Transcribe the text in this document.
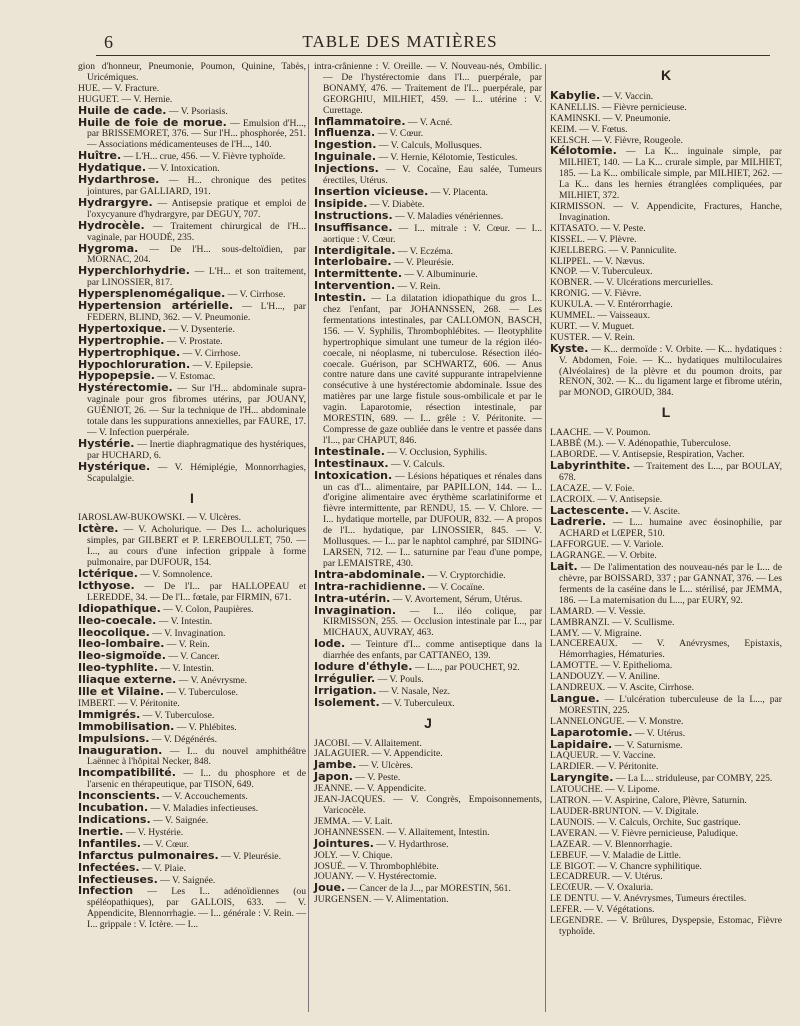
6	TABLE DES MATIÈRES

gion d'honneur, Pneumonie, Poumon, Quinine, Tabès, Uricémiques.

HUE. — V. Fracture.

HUGUET. — V. Hernie.

Huile de cade. — V. Psoriasis.

Huile de foie de morue. — Emulsion d'H..., par BRISSEMORET, 376. — Sur l'H... phosphorée, 251. — Associations médicamenteuses de l'H..., 140.

Huître. — L'H... crue, 456. — V. Fièvre typhoïde.

Hydatique. — V. Intoxication.

Hydarthrose. — H... chronique des petites jointures, par GALLIARD, 191.

Hydrargyre. — Antisepsie pratique et emploi de l'oxycyanure d'hydrargyre, par DEGUY, 707.

Hydrocèle. — Traitement chirurgical de l'H... vaginale, par HOUDÉ, 235.

Hygroma. — De l'H... sous-deltoïdien, par MORNAC, 204.

Hyperchlorhydrie. — L'H... et son traitement, par LINOSSIER, 817.

Hypersplenomégalique. — V. Cirrhose.

Hypertension artérielle. — L'H..., par FEDERN, BLIND, 362. — V. Pneumonie.

Hypertoxique. — V. Dysenterie.

Hypertrophie. — V. Prostate.

Hypertrophique. — V. Cirrhose.

Hypochloruration. — V. Epilepsie.

Hypopepsie. — V. Estomac.

Hystérectomie. — Sur l'H... abdominale supra-vaginale pour gros fibromes utérins, par JOUANY, GUÉNIOT, 26. — Sur la technique de l'H... abdominale totale dans les suppurations annexielles, par FAURE, 17. — V. Infection puerpérale.

Hystérie. — Inertie diaphragmatique des hystériques, par HUCHARD, 6.

Hystérique. — V. Hémiplégie, Monnorrhagies, Scapulalgie.

I

IAROSLAW-BUKOWSKI. — V. Ulcères.

Ictère. — V. Acholurique. — Des I... acholuriques simples, par GILBERT et P. LEREBOULLET, 750. — I..., au cours d'une infection grippale à forme pulmonaire, par DUFOUR, 154.

Ictérique. — V. Somnolence.

Icthyose. — De l'I... par HALLOPEAU et LEREDDE, 34. — De l'I... fœtale, par FIRMIN, 671.

Idiopathique. — V. Colon, Paupières.

Ileo-coecale. — V. Intestin.

Ileocolique. — V. Invagination.

Ileo-lombaire. — V. Rein.

Ileo-sigmoïde. — V. Cancer.

Ileo-typhlite. — V. Intestin.

Iliaque externe. — V. Anévrysme.

Ille et Vilaine. — V. Tuberculose.

IMBERT. — V. Péritonite.

Immigrés. — V. Tuberculose.

Immobilisation. — V. Phlébites.

Impulsions. — V. Dégénérés.

Inauguration. — I... du nouvel amphithéâtre Laënnec à l'hôpital Necker, 848.

Incompatibilité. — I... du phosphore et de l'arsenic en thérapeutique, par TISON, 649.

Inconscients. — V. Accouchements.

Incubation. — V. Maladies infectieuses.

Indications. — V. Saignée.

Inertie. — V. Hystérie.

Infantiles. — V. Cœur.

Infarctus pulmonaires. — V. Pleurésie.

Infectées. — V. Plaie.

Infectieuses. — V. Saignée.

Infection — Les I... adénoïdiennes (ou spéléopathiques), par GALLOIS, 633. — V. Appendicite, Blennorrhagie. — I... générale : V. Rein. — I... grippale : V. Ictère. — I...

intra-crânienne : V. Oreille. — V. Nouveau-nés, Ombilic. — De l'hystérectomie dans l'I... puerpérale, par BONAMY, 476. — Traitement de l'I... puerpérale, par GEORGHIU, MILHIET, 459. — I... utérine : V. Curettage.

Inflammatoire. — V. Acné.

Influenza. — V. Cœur.

Ingestion. — V. Calculs, Mollusques.

Inguinale. — V. Hernie, Kélotomie, Testicules.

Injections. — V. Cocaïne, Eau salée, Tumeurs érectiles, Utérus.

Insertion vicieuse. — V. Placenta.

Insipide. — V. Diabète.

Instructions. — V. Maladies vénériennes.

Insuffisance. — I... mitrale : V. Cœur. — I... aortique : V. Cœur.

Interdigitale. — V. Eczéma.

Interlobaire. — V. Pleurésie.

Intermittente. — V. Albuminurie.

Intervention. — V. Rein.

Intestin. — La dilatation idiopathique du gros I... chez l'enfant, par JOHANNSSEN, 268. — Les fermentations intestinales, par CALLOMON, BASCH, 156. — V. Syphilis, Thrombophlébites. — Ileotyphlite hypertrophique simulant une tumeur de la région iléo-coecale, ni néoplasme, ni tuberculose. Résection iléo-coecale. Guérison, par SCHWARTZ, 606. — Anus contre nature dans une cavité suppurante intrapelvienne consécutive à une hystérectomie abdominale. Issue des matières par une large fistule sous-ombilicale et par le vagin. Laparotomie, résection intestinale, par MORESTIN, 689. — I... grêle : V. Péritonite. — Compresse de gaze oubliée dans le ventre et passée dans l'I..., par CHAPUT, 846.

Intestinale. — V. Occlusion, Syphilis.

Intestinaux. — V. Calculs.

Intoxication. — Lésions hépatiques et rénales dans un cas d'I... alimentaire, par PAPILLON, 144. — I... d'origine alimentaire avec érythème scarlatiniforme et fièvre intermittente, par RENDU, 15. — V. Chlore. — I... hydatique mortelle, par DUFOUR, 832. — A propos de l'I... hydatique, par LINOSSIER, 845. — V. Mollusques. — I... par le naphtol camphré, par SIDING-LARSEN, 712. — I... saturnine par l'eau d'une pompe, par LEMAISTRE, 430.

Intra-abdominale. — V. Cryptorchidie.

Intra-rachidienne. — V. Cocaïne.

Intra-utérin. — V. Avortement, Sérum, Utérus.

Invagination. — I... iléo colique, par KIRMISSON, 255. — Occlusion intestinale par I..., par MICHAUX, AUVRAY, 463.

Iode. — Teinture d'I... comme antiseptique dans la diarrhée des enfants, par CATTANEO, 139.

Iodure d'éthyle. — L..., par POUCHET, 92.

Irrégulier. — V. Pouls.

Irrigation. — V. Nasale, Nez.

Isolement. — V. Tuberculeux.

J

JACOBI. — V. Allaitement.

JALAGUIER. — V. Appendicite.

Jambe. — V. Ulcères.

Japon. — V. Peste.

JEANNE. — V. Appendicite.

JEAN-JACQUES. — V. Congrès, Empoisonnements, Varicocèle.

JEMMA. — V. Lait.

JOHANNESSEN. — V. Allaitement, Intestin.

Jointures. — V. Hydarthrose.

JOLY. — V. Chique.

JOSUÉ. — V. Thrombophlébite.

JOUANY. — V. Hystérectomie.

Joue. — Cancer de la J..., par MORESTIN, 561.

JURGENSEN. — V. Alimentation.

K

Kabylie. — V. Vaccin.

KANELLIS. — Fièvre pernicieuse.

KAMINSKI. — V. Pneumonie.

KEIM. — V. Fœtus.

KELSCH. — V. Fièvre, Rougeole.

Kélotomie. — La K... inguinale simple, par MILHIET, 140. — La K... crurale simple, par MILHIET, 185. — La K... ombilicale simple, par MILHIET, 262. — La K... dans les hernies étranglées compliquées, par MILHIET, 372.

KIRMISSON. — V. Appendicite, Fractures, Hanche, Invagination.

KITASATO. — V. Peste.

KISSEL. — V. Plèvre.

KJELLBERG. — V. Panniculite.

KLIPPEL. — V. Nævus.

KNOP. — V. Tuberculeux.

KOBNER. — V. Ulcérations mercurielles.

KRONIG. — V. Fièvre.

KUKULA. — V. Entérorrhagie.

KUMMEL. — Vaisseaux.

KURT. — V. Muguet.

KUSTER. — V. Rein.

Kyste. — K... dermoïde : V. Orbite. — K... hydatiques : V. Abdomen, Foie. — K... hydatiques multiloculaires (Alvéolaires) de la plèvre et du poumon droits, par RENON, 302. — K... du ligament large et fibrome utérin, par MONOD, GIROUD, 384.

L

LAACHE. — V. Poumon.

LABBÉ (M.). — V. Adénopathie, Tuberculose.

LABORDE. — V. Antisepsie, Respiration, Vacher.

Labyrinthite. — Traitement des L..., par BOULAY, 678.

LACAZE. — V. Foie.

LACROIX. — V. Antisepsie.

Lactescente. — V. Ascite.

Ladrerie. — L... humaine avec éosinophilie, par ACHARD et LŒPER, 510.

LAFFORGUE. — V. Variole.

LAGRANGE. — V. Orbite.

Lait. — De l'alimentation des nouveau-nés par le L... de chèvre, par BOISSARD, 337 ; par GANNAT, 376. — Les ferments de la caséine dans le L... stérilisé, par JEMMA, 186. — La maternisation du L..., par EURY, 92.

LAMARD. — V. Vessie.

LAMBRANZI. — V. Scullisme.

LAMY. — V. Migraine.

LANCEREAUX. — V. Anévrysmes, Epistaxis, Hémorrhagies, Hématuries.

LAMOTTE. — V. Epithelioma.

LANDOUZY. — V. Aniline.

LANDREUX. — V. Ascite, Cirrhose.

Langue. — L'ulcération tuberculeuse de la L..., par MORESTIN, 225.

LANNELONGUE. — V. Monstre.

Laparotomie. — V. Utérus.

Lapidaire. — V. Saturnisme.

LAQUEUR. — V. Vaccine.

LARDIER. — V. Péritonite.

Laryngite. — La L... striduleuse, par COMBY, 225.

LATOUCHE. — V. Lipome.

LATRON. — V. Aspirine, Calore, Plèvre, Saturnin.

LAUDER-BRUNTON. — V. Digitale.

LAUNOIS. — V. Calculs, Orchite, Suc gastrique.

LAVERAN. — V. Fièvre pernicieuse, Paludique.

LAZEAR. — V. Blennorrhagie.

LEBEUF. — V. Maladie de Little.

LE BIGOT. — V. Chancre syphilitique.

LECADREUR. — V. Utérus.

LECŒUR. — V. Oxaluria.

LE DENTU. — V. Anévrysmes, Tumeurs érectiles.

LEFER. — V. Végétations.

LEGENDRE. — V. Brûlures, Dyspepsie, Estomac, Fièvre typhoïde.
